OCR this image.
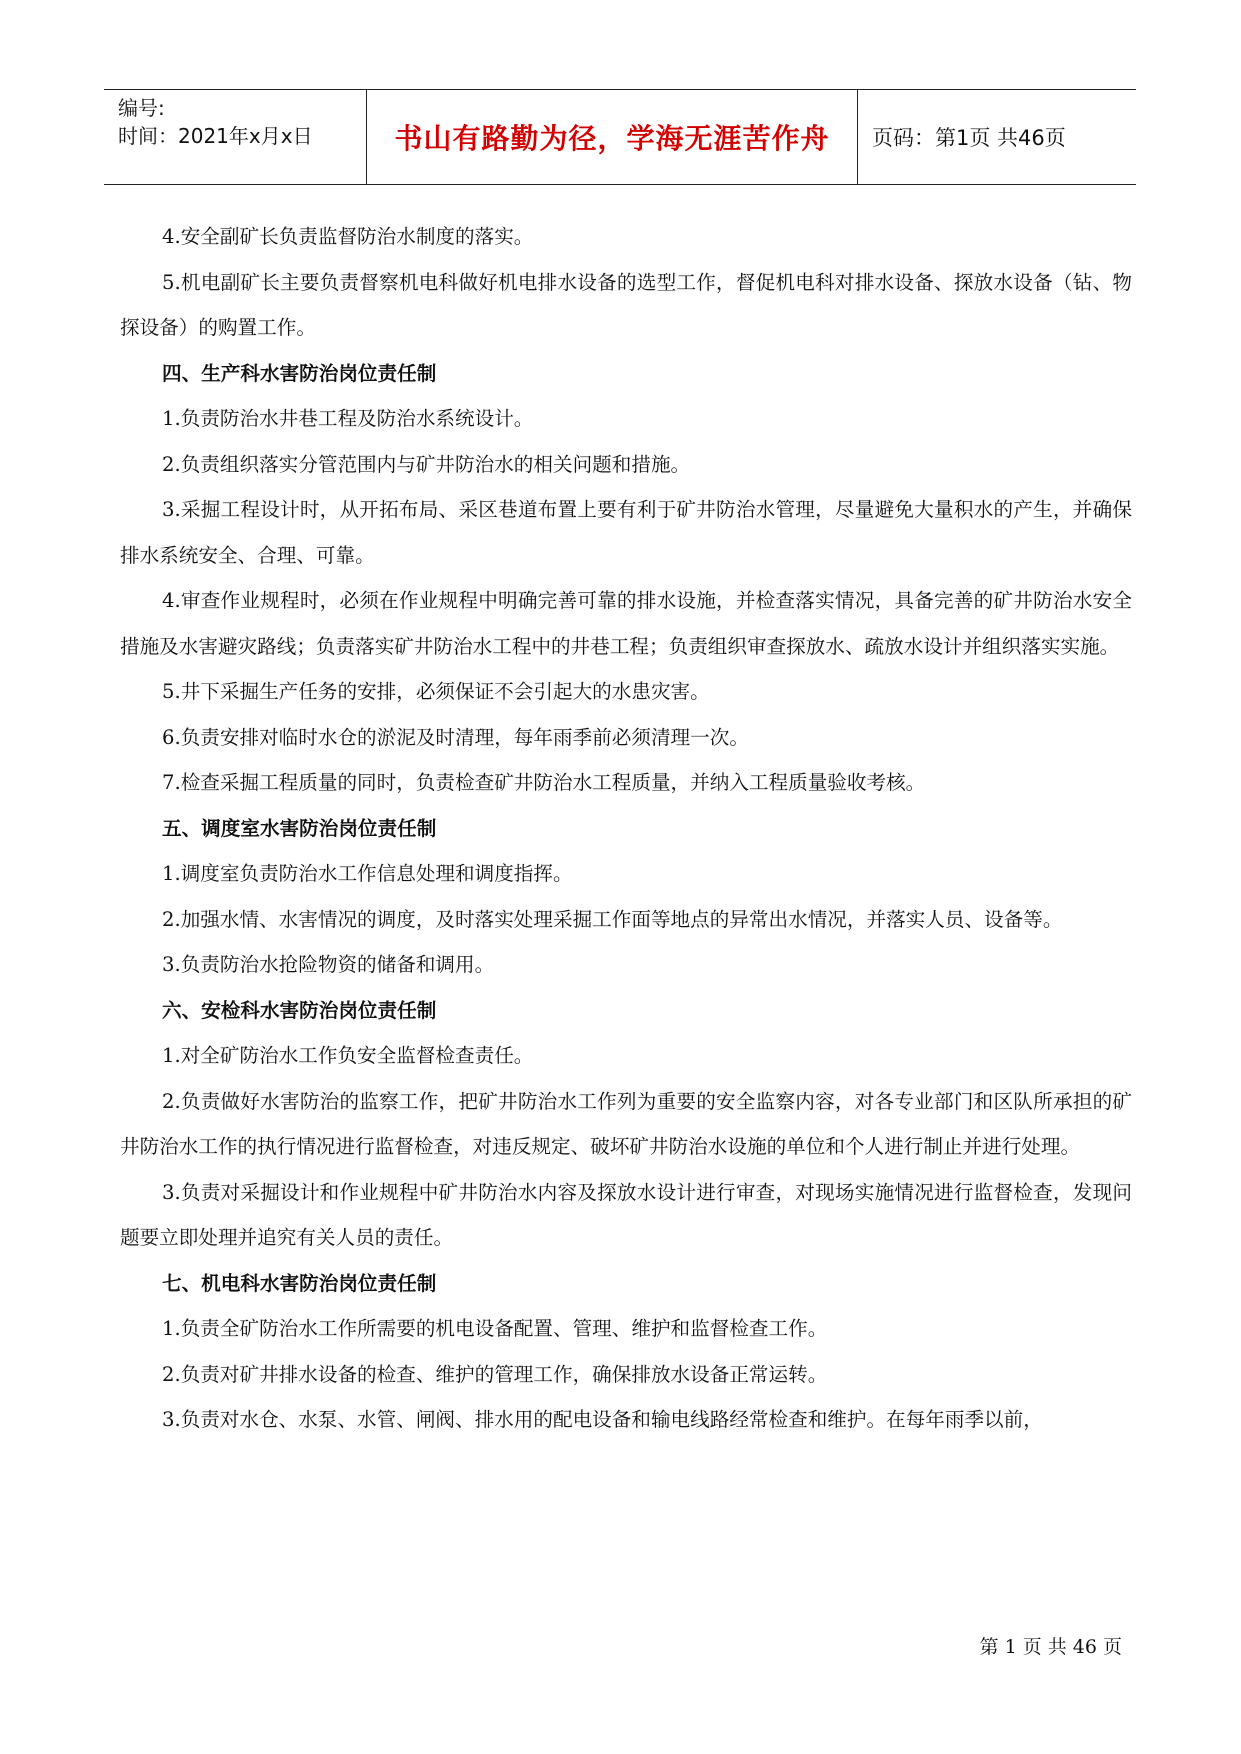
编号:
时间：2021年x月x日	书山有路勤为径，学海无涯苦作舟 页码：第1页 共46页

4.安全副矿长负责监督防治水制度的落实。

5.机电副矿长主要负责督察机电科做好机电排水设备的选型工作，督促机电科对排水设备、探放水设备（钻、物探设备）的购置工作。

四、生产科水害防治岗位责任制

1.负责防治水井巷工程及防治水系统设计。

2.负责组织落实分管范围内与矿井防治水的相关问题和措施。

3.采掘工程设计时，从开拓布局、采区巷道布置上要有利于矿井防治水管理，尽量避免大量积水的产生，并确保排水系统安全、合理、可靠。

4.审查作业规程时，必须在作业规程中明确完善可靠的排水设施，并检查落实情况，具备完善的矿井防治水安全措施及水害避灾路线；负责落实矿井防治水工程中的井巷工程；负责组织审查探放水、疏放水设计并组织落实实施。

5.井下采掘生产任务的安排，必须保证不会引起大的水患灾害。

6.负责安排对临时水仓的淤泥及时清理，每年雨季前必须清理一次。

7.检查采掘工程质量的同时，负责检查矿井防治水工程质量，并纳入工程质量验收考核。

五、调度室水害防治岗位责任制

1.调度室负责防治水工作信息处理和调度指挥。

2.加强水情、水害情况的调度，及时落实处理采掘工作面等地点的异常出水情况，并落实人员、设备等。

3.负责防治水抢险物资的储备和调用。

六、安检科水害防治岗位责任制

1.对全矿防治水工作负安全监督检查责任。

2.负责做好水害防治的监察工作，把矿井防治水工作列为重要的安全监察内容，对各专业部门和区队所承担的矿井防治水工作的执行情况进行监督检查，对违反规定、破坏矿井防治水设施的单位和个人进行制止并进行处理。

3.负责对采掘设计和作业规程中矿井防治水内容及探放水设计进行审查，对现场实施情况进行监督检查，发现问题要立即处理并追究有关人员的责任。

七、机电科水害防治岗位责任制

1.负责全矿防治水工作所需要的机电设备配置、管理、维护和监督检查工作。

2.负责对矿井排水设备的检查、维护的管理工作，确保排放水设备正常运转。

3.负责对水仓、水泵、水管、闸阀、排水用的配电设备和输电线路经常检查和维护。在每年雨季以前，

第 1 页 共 46 页
